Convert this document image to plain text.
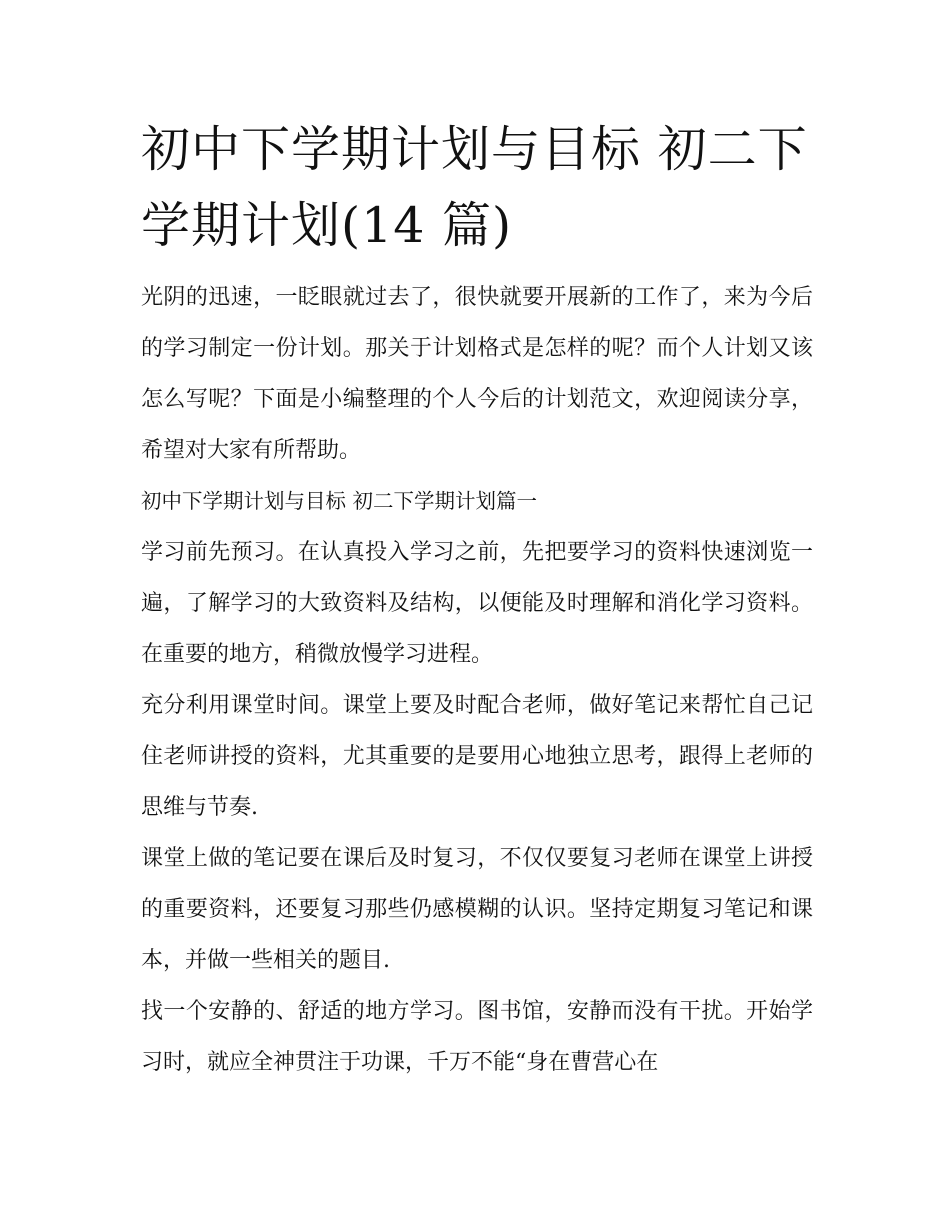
初中下学期计划与目标 初二下学期计划(14 篇)

光阴的迅速，一眨眼就过去了，很快就要开展新的工作了，来为今后的学习制定一份计划。那关于计划格式是怎样的呢？而个人计划又该怎么写呢？下面是小编整理的个人今后的计划范文，欢迎阅读分享，希望对大家有所帮助。

初中下学期计划与目标 初二下学期计划篇一

学习前先预习。在认真投入学习之前，先把要学习的资料快速浏览一遍，了解学习的大致资料及结构，以便能及时理解和消化学习资料。在重要的地方，稍微放慢学习进程。

充分利用课堂时间。课堂上要及时配合老师，做好笔记来帮忙自己记住老师讲授的资料，尤其重要的是要用心地独立思考，跟得上老师的思维与节奏.

课堂上做的笔记要在课后及时复习，不仅仅要复习老师在课堂上讲授的重要资料，还要复习那些仍感模糊的认识。坚持定期复习笔记和课本，并做一些相关的题目.

找一个安静的、舒适的地方学习。图书馆，安静而没有干扰。开始学习时，就应全神贯注于功课，千万不能“身在曹营心在
